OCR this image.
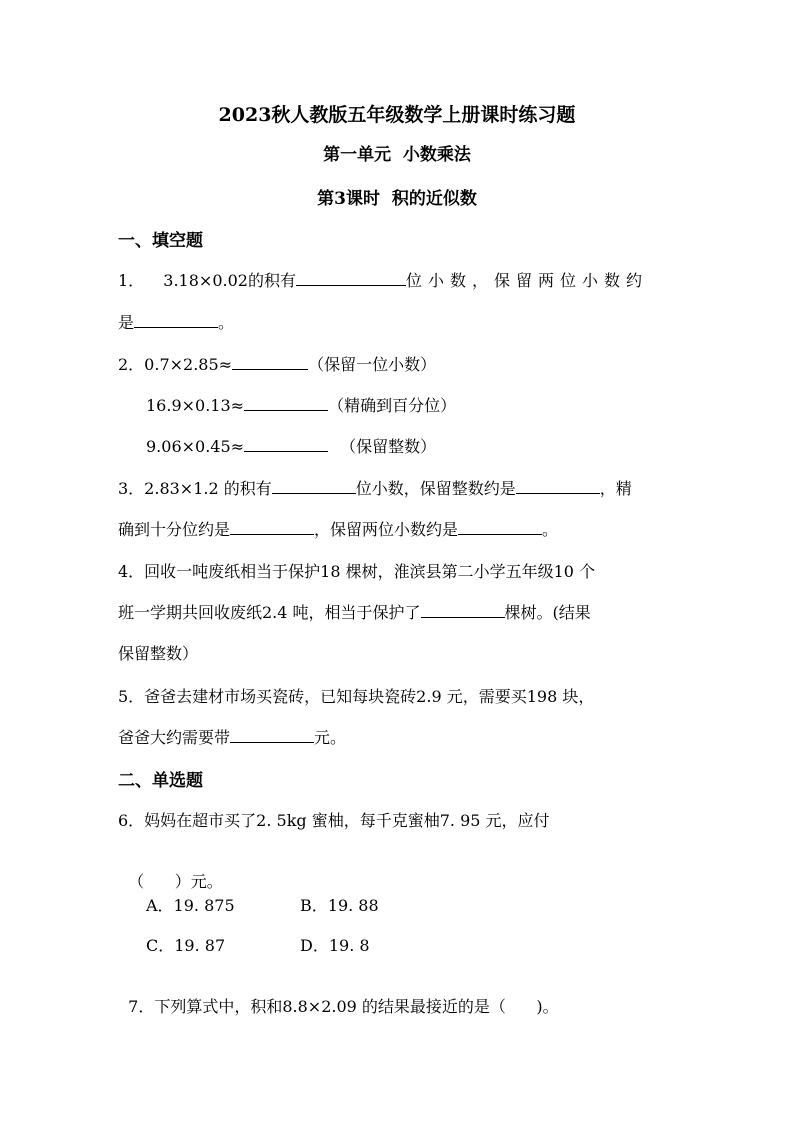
2023秋人教版五年级数学上册课时练习题
第一单元  小数乘法
第3课时  积的近似数
一、填空题
1． 3.18×0.02的积有	位小数，保留两位小数约
是	。
2．0.7×2.85≈	（保留一位小数）
16.9×0.13≈	（精确到百分位）
9.06×0.45≈	（保留整数）
3．2.83×1.2 的积有	位小数，保留整数约是	，精
确到十分位约是	，保留两位小数约是	。
4．回收一吨废纸相当于保护18 棵树，淮滨县第二小学五年级10 个
班一学期共回收废纸2.4 吨，相当于保护了	棵树。(结果
保留整数）
5．爸爸去建材市场买瓷砖，已知每块瓷砖2.9 元，需要买198 块，
爸爸大约需要带	元。
二、单选题
6．妈妈在超市买了2. 5kg 蜜柚，每千克蜜柚7. 95 元，应付

（      ）元。

A．19. 875	B．19. 88
C．19. 87	D．19. 8

7．下列算式中，积和8.8×2.09 的结果最接近的是（      )。
